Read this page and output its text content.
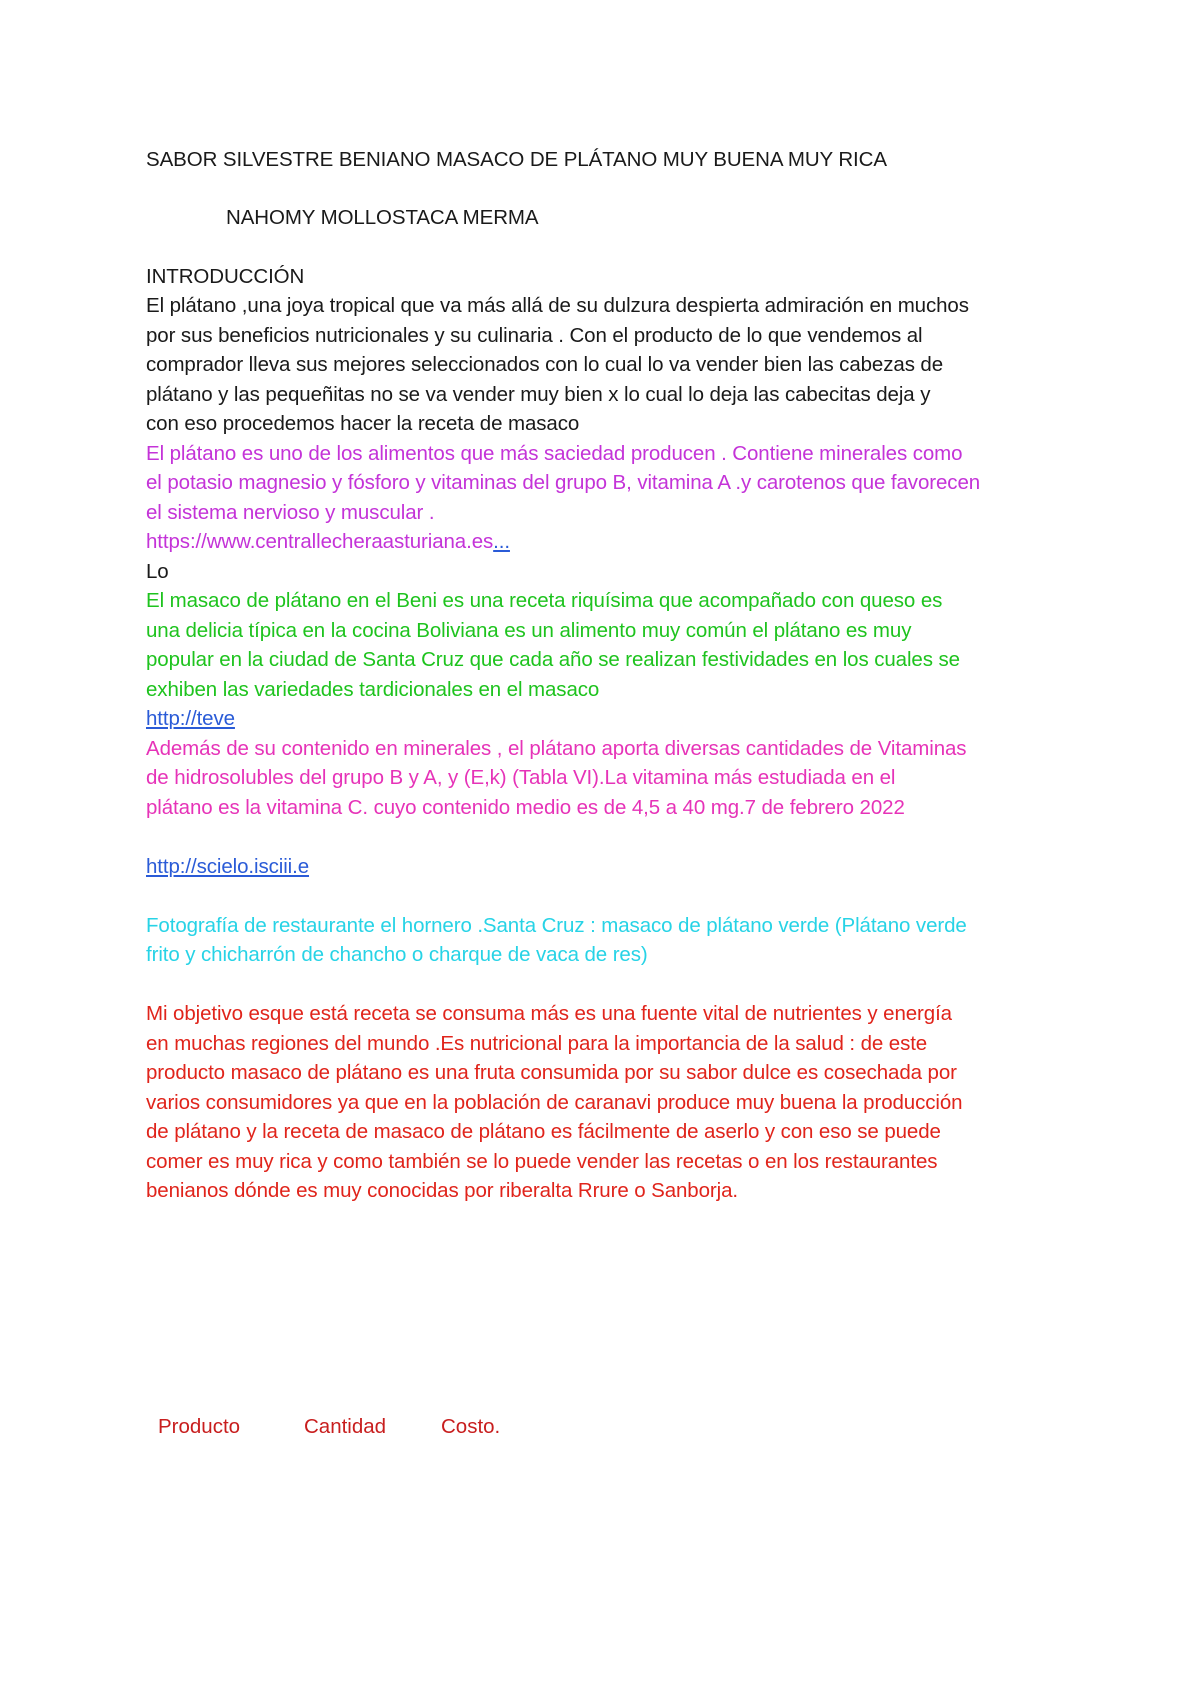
SABOR SILVESTRE BENIANO MASACO DE PLÁTANO MUY BUENA MUY RICA
NAHOMY MOLLOSTACA MERMA
INTRODUCCIÓN
El plátano ,una joya tropical que va más allá de su dulzura despierta admiración en muchos
por sus beneficios nutricionales y su culinaria . Con el producto de lo que vendemos al
comprador lleva sus mejores seleccionados con lo cual lo va vender bien las cabezas de
plátano y las pequeñitas no se va vender muy bien x lo cual lo deja las cabecitas deja y
con eso procedemos hacer la receta de masaco
El plátano es uno de los alimentos que más saciedad producen . Contiene minerales como
el potasio magnesio y fósforo y vitaminas del grupo B, vitamina A .y carotenos que favorecen
el sistema nervioso y muscular .
https://www.centrallecheraasturiana.es...
Lo
El masaco de plátano en el Beni es una receta riquísima que acompañado con queso es
una delicia típica en la cocina Boliviana es un alimento muy común el plátano es muy
popular en la ciudad de Santa Cruz que cada año se realizan festividades en los cuales se
exhiben las variedades tardicionales en el masaco
http://teve
Además de su contenido en minerales , el plátano aporta diversas cantidades de Vitaminas
de hidrosolubles del grupo B y A, y (E,k) (Tabla VI).La vitamina más estudiada en el
plátano es la vitamina C. cuyo contenido medio es de 4,5 a 40 mg.7 de febrero 2022
http://scielo.isciii.e
Fotografía de restaurante el hornero .Santa Cruz : masaco de plátano verde (Plátano verde
frito y chicharrón de chancho o charque de vaca de res)
Mi objetivo esque está receta se consuma más es una fuente vital de nutrientes y energía
en muchas regiones del mundo .Es nutricional para la importancia de la salud : de este
producto masaco de plátano es una fruta consumida por su sabor dulce es cosechada por
varios consumidores ya que en la población de caranavi produce muy buena la producción
de plátano y la receta de masaco de plátano es fácilmente de aserlo y con eso se puede
comer es muy rica y como también se lo puede vender las recetas o en los restaurantes
benianos dónde es muy conocidas por riberalta Rrure o Sanborja.
Producto	Cantidad	Costo.
